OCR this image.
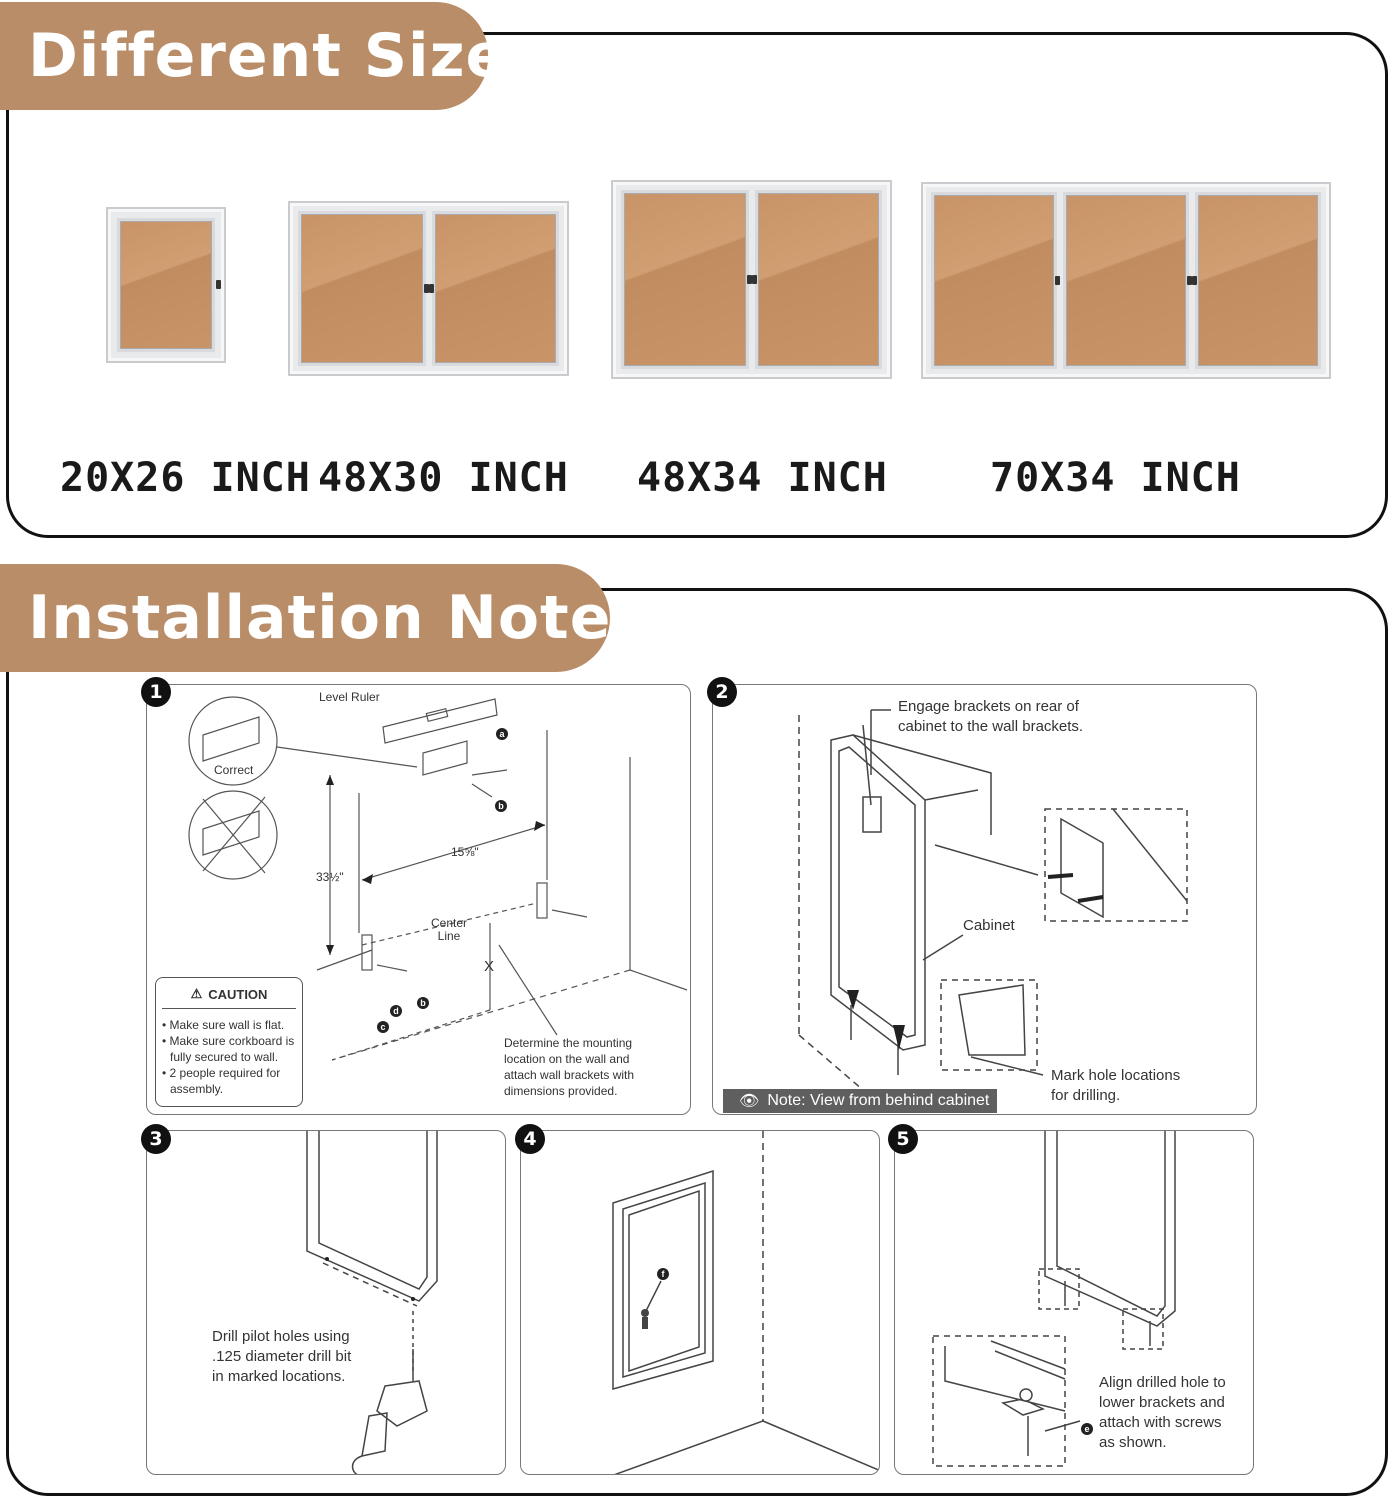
Different Size
20X26 INCH 48X30 INCH 48X34 INCH	70X34 INCH
Installation Notes
1
a
b
b
c
d
Level Ruler
Correct
33½"
15⅝"
Center
Line
X
Determine the mounting
location on the wall and
attach wall brackets with
dimensions provided.
⚠ CAUTION
• Make sure wall is flat.
• Make sure corkboard is fully secured to wall.
• 2 people required for assembly.
2
Engage brackets on rear of
cabinet to the wall brackets.
Cabinet
Mark hole locations
for drilling.
👁 Note: View from behind cabinet
3
Drill pilot holes using
.125 diameter drill bit
in marked locations.
4
f
5
e
Align drilled hole to
lower brackets and
attach with screws
as shown.
